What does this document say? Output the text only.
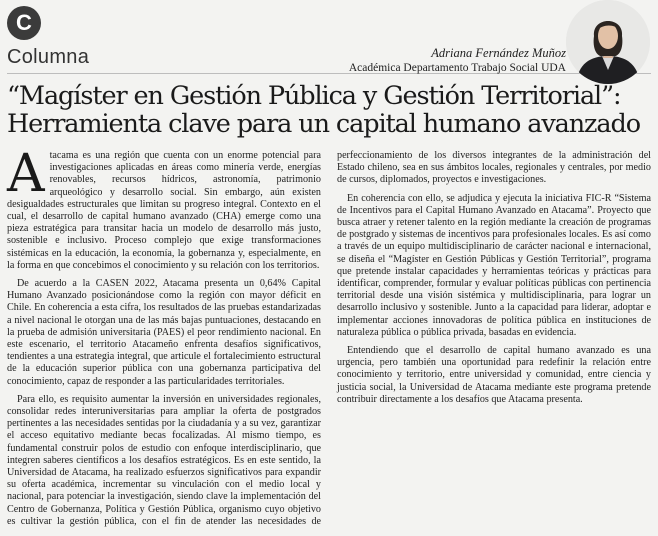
C
Columna	Adriana Fernández Muñoz
Académica Departamento Trabajo Social UDA
“Magíster en Gestión Pública y Gestión Territorial”:
Herramienta clave para un capital humano avanzado

Atacama es una región que cuenta con un enorme potencial para investigaciones aplicadas en áreas como minería verde, energías renovables, recursos hídricos, astronomía, patrimonio arqueológico y desarrollo social. Sin embargo, aún existen desigualdades estructurales que limitan su progreso integral. Contexto en el cual, el desarrollo de capital humano avanzado (CHA) emerge como una pieza estratégica para transitar hacia un modelo de desarrollo más justo, sostenible e inclusivo. Proceso complejo que exige transformaciones sistémicas en la educación, la economía, la gobernanza y, especialmente, en la forma en que concebimos el conocimiento y su relación con los territorios.

De acuerdo a la CASEN 2022, Atacama presenta un 0,64% Capital Humano Avanzado posicionándose como la región con mayor déficit en Chile. En coherencia a esta cifra, los resultados de las pruebas estandarizadas a nivel nacional le otorgan una de las más bajas puntuaciones, destacando en la prueba de admisión universitaria (PAES) el peor rendimiento nacional. En este escenario, el territorio Atacameño enfrenta desafíos significativos, tendientes a una estrategia integral, que articule el fortalecimiento estructural de la educación superior pública con una gobernanza participativa del conocimiento, capaz de responder a las particularidades territoriales.

Para ello, es requisito aumentar la inversión en universidades regionales, consolidar redes interuniversitarias para ampliar la oferta de postgrados pertinentes a las necesidades sentidas por la ciudadanía y a su vez, garantizar el acceso equitativo mediante becas focalizadas. Al mismo tiempo, es fundamental construir polos de estudio con enfoque interdisciplinario, que integren saberes científicos a los desafíos estratégicos. Es en este sentido, la Universidad de Atacama, ha realizado esfuerzos significativos para expandir su oferta académica, incrementar su vinculación con el medio local y nacional, para potenciar la investigación, siendo clave la implementación del Centro de Gobernanza, Política y Gestión Pública, organismo cuyo objetivo es cultivar la gestión pública, con el fin de atender las necesidades de perfeccionamiento de los diversos integrantes de la administración del Estado chileno, sea en sus ámbitos locales, regionales y centrales, por medio de cursos, diplomados, proyectos e investigaciones.

En coherencia con ello, se adjudica y ejecuta la iniciativa FIC-R “Sistema de Incentivos para el Capital Humano Avanzado en Atacama”. Proyecto que busca atraer y retener talento en la región mediante la creación de programas de postgrado y sistemas de incentivos para profesionales locales. Es así como a través de un equipo multidisciplinario de carácter nacional e internacional, se diseña el “Magíster en Gestión Públicas y Gestión Territorial”, programa que pretende instalar capacidades y herramientas teóricas y prácticas para identificar, comprender, formular y evaluar políticas públicas con pertinencia territorial desde una visión sistémica y multidisciplinaria, para lograr un desarrollo inclusivo y sostenible. Junto a la capacidad para liderar, adoptar e implementar acciones innovadoras de política pública en instituciones de naturaleza pública o pública privada, basadas en evidencia.

Entendiendo que el desarrollo de capital humano avanzado es una urgencia, pero también una oportunidad para redefinir la relación entre conocimiento y territorio, entre universidad y comunidad, entre ciencia y justicia social, la Universidad de Atacama mediante este programa pretende contribuir directamente a los desafíos que Atacama presenta.
